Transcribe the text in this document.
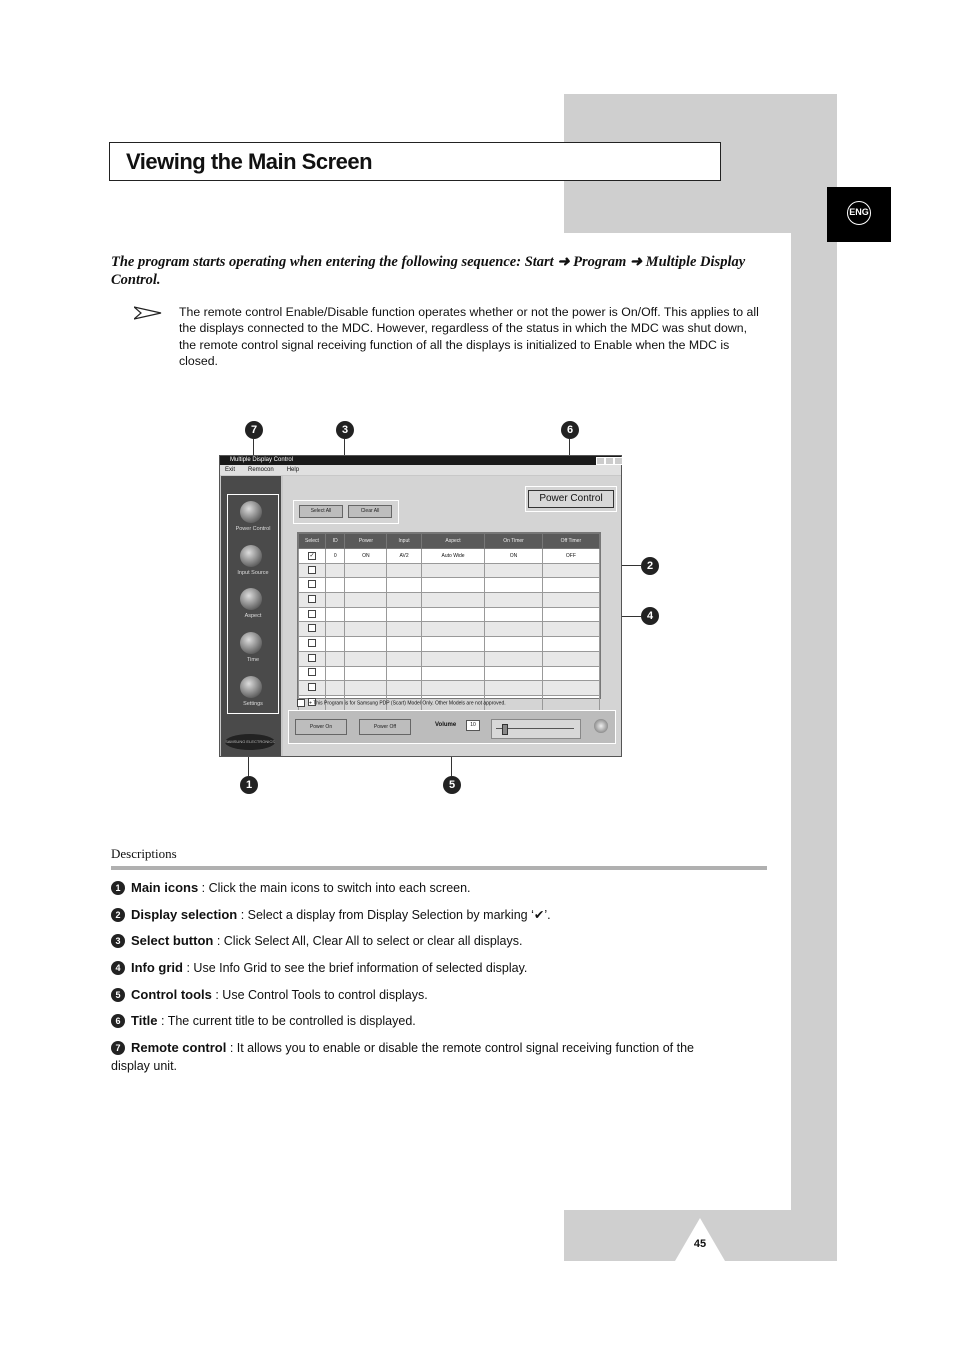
Viewing the Main Screen
ENG
The program starts operating when entering the following sequence: Start ➜ Program ➜ Multiple Display Control.
The remote control Enable/Disable function operates whether or not the power is On/Off. This applies to all the displays connected to the MDC. However, regardless of the status in which the MDC was shut down, the remote control signal receiving function of all the displays is initialized to Enable when the MDC is closed.
7	3	6
2
4
1	5
Multiple Display Control
Exit Remocon Help
Power Control
Input Source
Aspect
Time
Settings
SAMSUNG ELECTRONICS
Select All	Clear All
Power Control
Select	ID	Power	Input	Aspect	On Timer	Off Timer
✓	0	ON	AV2	Auto Wide	ON	OFF

+ This Program is for Samsung PDP (Scart) Model Only. Other Models are not approved.
Power On	Power Off	Volume	10
Descriptions
1 Main icons : Click the main icons to switch into each screen.
2 Display selection : Select a display from Display Selection by marking ‘✔’.
3 Select button : Click Select All, Clear All to select or clear all displays.
4 Info grid : Use Info Grid to see the brief information of selected display.
5 Control tools : Use Control Tools to control displays.
6 Title : The current title to be controlled is displayed.
7 Remote control : It allows you to enable or disable the remote control signal receiving function of the display unit.
45
